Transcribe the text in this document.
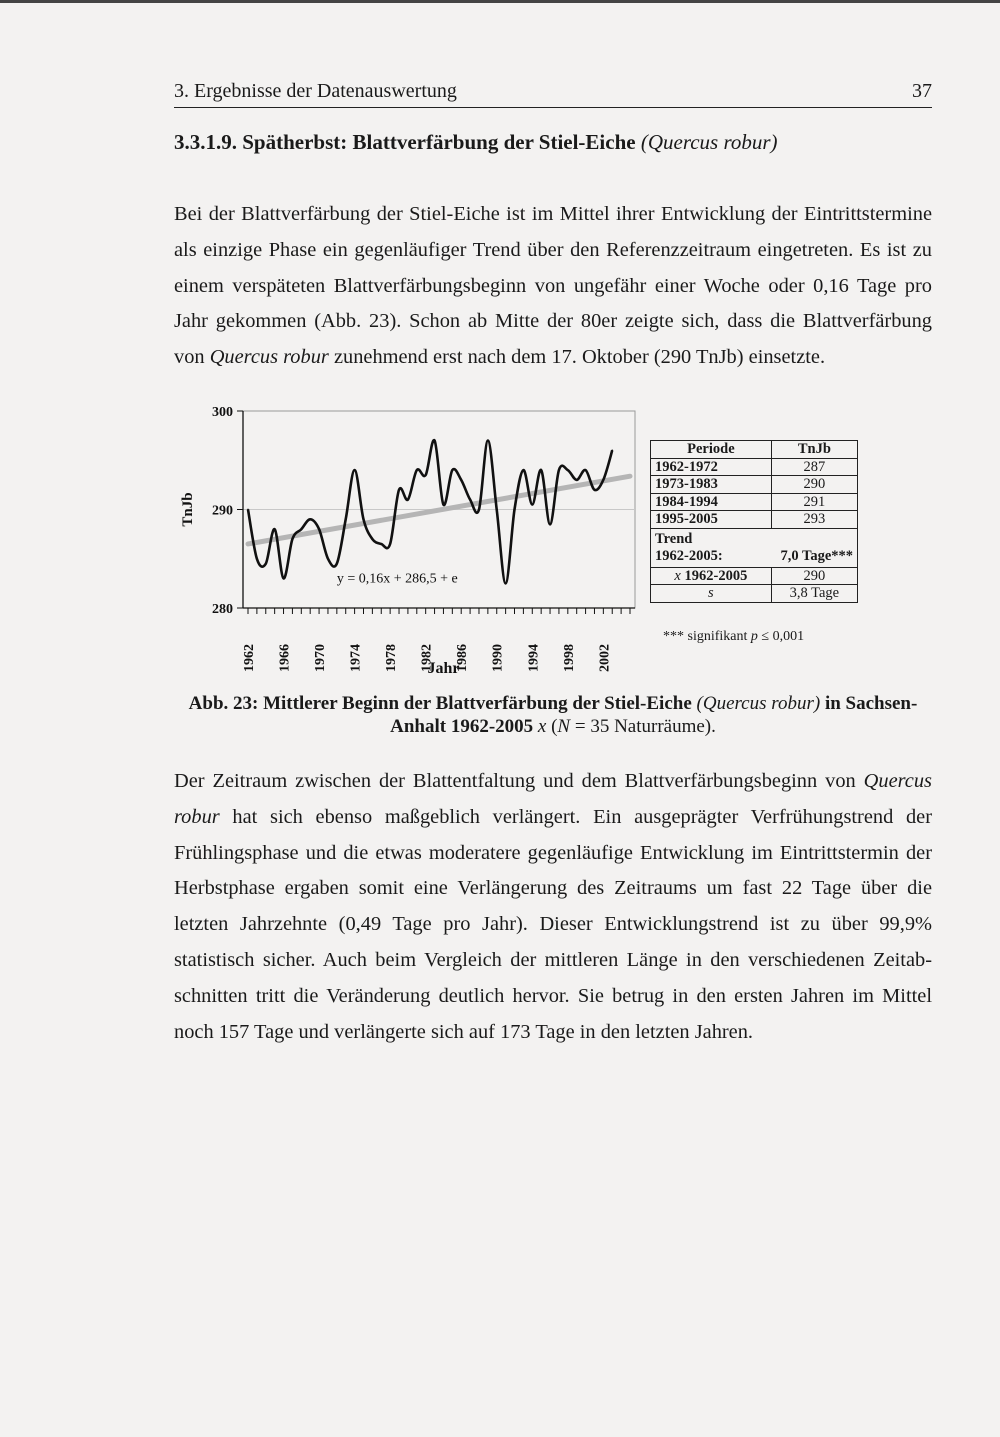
3. Ergebnisse der Datenauswertung	37
3.3.1.9. Spätherbst: Blattverfärbung der Stiel-Eiche (Quercus robur)
Bei der Blattverfärbung der Stiel-Eiche ist im Mittel ihrer Entwicklung der Eintrittstermine
als einzige Phase ein gegenläufiger Trend über den Referenzzeitraum eingetreten. Es ist zu
einem verspäteten Blattverfärbungsbeginn von ungefähr einer Woche oder 0,16 Tage pro
Jahr gekommen (Abb. 23). Schon ab Mitte der 80er zeigte sich, dass die Blattverfärbung
von Quercus robur zunehmend erst nach dem 17. Oktober (290 TnJb) einsetzte.
280
290
300
1962 1966 1970 1974 1978 1982 1986 1990 1994 1998 2002
TnJb
Jahr
y = 0,16x + 286,5 + e
Periode	TnJb
1962-1972	287
1973-1983	290
1984-1994	291
1995-2005	293
Trend
1962-2005: 7,0 Tage***	

x 1962-2005	290
s	3,8 Tage
*** signifikant p ≤ 0,001
Abb. 23: Mittlerer Beginn der Blattverfärbung der Stiel-Eiche (Quercus robur) in Sachsen-
Anhalt 1962-2005 x (N = 35 Naturräume).
Der Zeitraum zwischen der Blattentfaltung und dem Blattverfärbungsbeginn von Quercus
robur hat sich ebenso maßgeblich verlängert. Ein ausgeprägter Verfrühungstrend der
Frühlingsphase und die etwas moderatere gegenläufige Entwicklung im Eintrittstermin der
Herbstphase ergaben somit eine Verlängerung des Zeitraums um fast 22 Tage über die
letzten Jahrzehnte (0,49 Tage pro Jahr). Dieser Entwicklungstrend ist zu über 99,9%
statistisch sicher. Auch beim Vergleich der mittleren Länge in den verschiedenen Zeitab-
schnitten tritt die Veränderung deutlich hervor. Sie betrug in den ersten Jahren im Mittel
noch 157 Tage und verlängerte sich auf 173 Tage in den letzten Jahren.
